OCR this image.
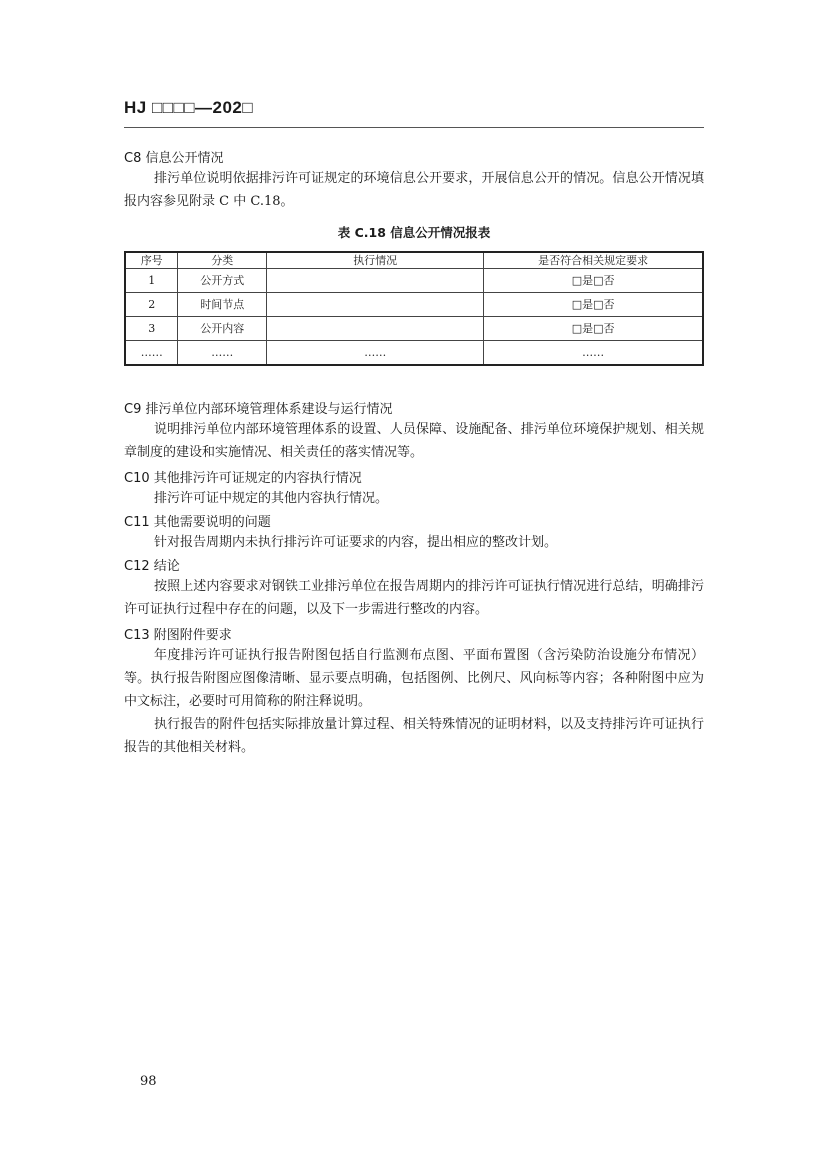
HJ □□□□—202□
C8 信息公开情况
排污单位说明依据排污许可证规定的环境信息公开要求，开展信息公开的情况。信息公开情况填报内容参见附录 C 中 C.18。
表 C.18 信息公开情况报表
序号	分类	执行情况	是否符合相关规定要求
1	公开方式		□是□否
2	时间节点		□是□否
3	公开内容		□是□否
……	……	……	……
C9 排污单位内部环境管理体系建设与运行情况
说明排污单位内部环境管理体系的设置、人员保障、设施配备、排污单位环境保护规划、相关规章制度的建设和实施情况、相关责任的落实情况等。
C10 其他排污许可证规定的内容执行情况
排污许可证中规定的其他内容执行情况。
C11 其他需要说明的问题
针对报告周期内未执行排污许可证要求的内容，提出相应的整改计划。
C12 结论
按照上述内容要求对钢铁工业排污单位在报告周期内的排污许可证执行情况进行总结，明确排污许可证执行过程中存在的问题，以及下一步需进行整改的内容。
C13 附图附件要求
年度排污许可证执行报告附图包括自行监测布点图、平面布置图（含污染防治设施分布情况）等。执行报告附图应图像清晰、显示要点明确，包括图例、比例尺、风向标等内容；各种附图中应为中文标注，必要时可用简称的附注释说明。
执行报告的附件包括实际排放量计算过程、相关特殊情况的证明材料，以及支持排污许可证执行报告的其他相关材料。
98
